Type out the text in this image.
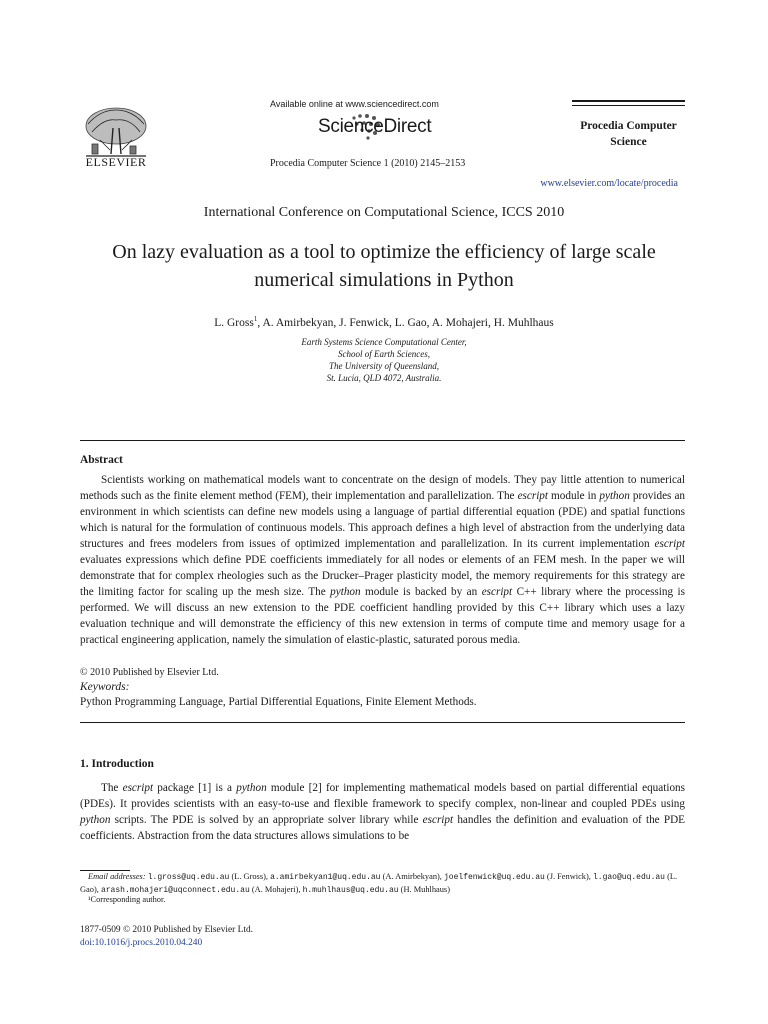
ELSEVIER
Available online at www.sciencedirect.com
ScienceDirect
Procedia Computer Science 1 (2010) 2145–2153
Procedia Computer
Science
www.elsevier.com/locate/procedia
International Conference on Computational Science, ICCS 2010
On lazy evaluation as a tool to optimize the efficiency of large scale
numerical simulations in Python
L. Gross$^1$, A. Amirbekyan, J. Fenwick, L. Gao, A. Mohajeri, H. Muhlhaus
Earth Systems Science Computational Center,
School of Earth Sciences,
The University of Queensland,
St. Lucia, QLD 4072, Australia.
Abstract
Scientists working on mathematical models want to concentrate on the design of models. They pay little attention to numerical methods such as the finite element method (FEM), their implementation and parallelization. The escript module in python provides an environment in which scientists can define new models using a language of partial differential equation (PDE) and spatial functions which is natural for the formulation of continuous models. This approach defines a high level of abstraction from the underlying data structures and frees modelers from issues of optimized implementation and parallelization. In its current implementation escript evaluates expressions which define PDE coefficients immediately for all nodes or elements of an FEM mesh. In the paper we will demonstrate that for complex rheologies such as the Drucker–Prager plasticity model, the memory requirements for this strategy are the limiting factor for scaling up the mesh size. The python module is backed by an escript C++ library where the processing is performed. We will discuss an new extension to the PDE coefficient handling provided by this C++ library which uses a lazy evaluation technique and will demonstrate the efficiency of this new extension in terms of compute time and memory usage for a practical engineering application, namely the simulation of elastic-plastic, saturated porous media.
© 2010 Published by Elsevier Ltd.
Keywords:
Python Programming Language, Partial Differential Equations, Finite Element Methods.
1. Introduction
The escript package [1] is a python module [2] for implementing mathematical models based on partial differential equations (PDEs). It provides scientists with an easy-to-use and flexible framework to specify complex, non-linear and coupled PDEs using python scripts. The PDE is solved by an appropriate solver library while escript handles the definition and evaluation of the PDE coefficients. Abstraction from the data structures allows simulations to be
Email addresses: l.gross@uq.edu.au (L. Gross), a.amirbekyan1@uq.edu.au (A. Amirbekyan), joelfenwick@uq.edu.au (J. Fenwick), l.gao@uq.edu.au (L. Gao), arash.mohajeri@uqconnect.edu.au (A. Mohajeri), h.muhlhaus@uq.edu.au (H. Muhlhaus)
¹Corresponding author.
1877-0509 © 2010 Published by Elsevier Ltd.
doi:10.1016/j.procs.2010.04.240
